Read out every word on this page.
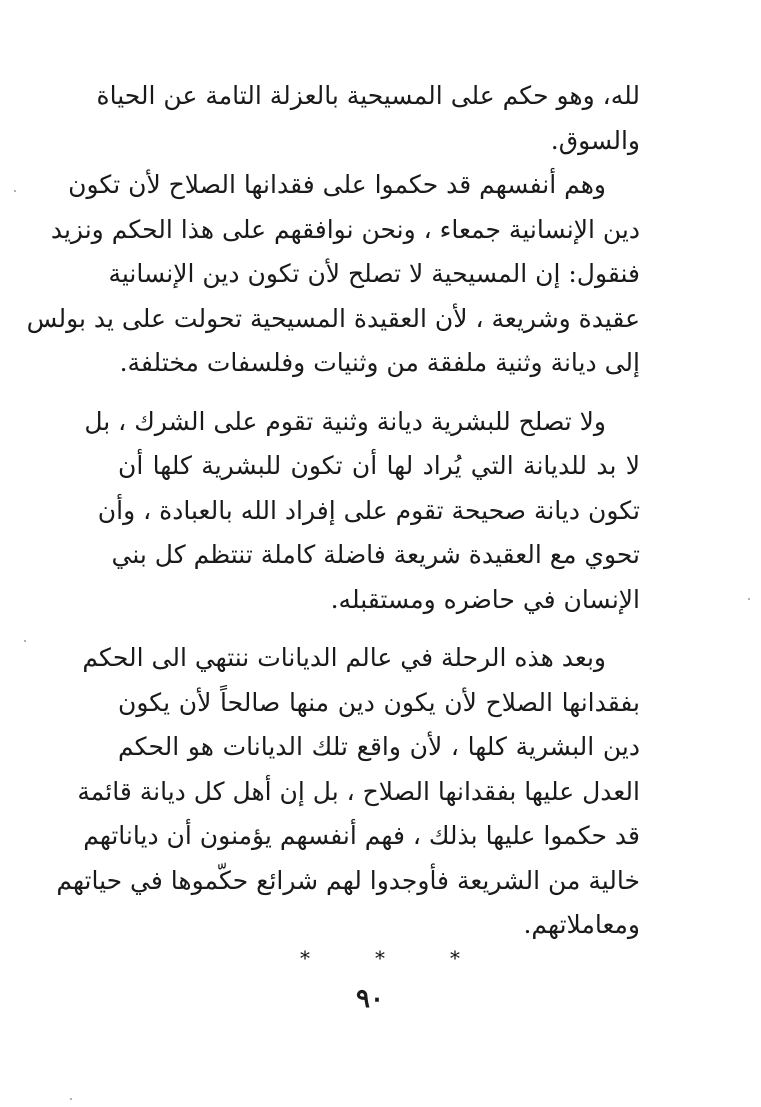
لله، وهو حكم على المسيحية بالعزلة التامة عن الحياة
والسوق.
وهم أنفسهم قد حكموا على فقدانها الصلاح لأن تكون
دين الإنسانية جمعاء ، ونحن نوافقهم على هذا الحكم ونزيد
فنقول: إن المسيحية لا تصلح لأن تكون دين الإنسانية
عقيدة وشريعة ، لأن العقيدة المسيحية تحولت على يد بولس
إلى ديانة وثنية ملفقة من وثنيات وفلسفات مختلفة.
ولا تصلح للبشرية ديانة وثنية تقوم على الشرك ، بل
لا بد للديانة التي يُراد لها أن تكون للبشرية كلها أن
تكون ديانة صحيحة تقوم على إفراد الله بالعبادة ، وأن
تحوي مع العقيدة شريعة فاضلة كاملة تنتظم كل بني
الإنسان في حاضره ومستقبله.
وبعد هذه الرحلة في عالم الديانات ننتهي الى الحكم
بفقدانها الصلاح لأن يكون دين منها صالحاً لأن يكون
دين البشرية كلها ، لأن واقع تلك الديانات هو الحكم
العدل عليها بفقدانها الصلاح ، بل إن أهل كل ديانة قائمة
قد حكموا عليها بذلك ، فهم أنفسهم يؤمنون أن دياناتهم
خالية من الشريعة فأوجدوا لهم شرائع حكّموها في حياتهم
ومعاملاتهم.
*	*	*
٩٠
